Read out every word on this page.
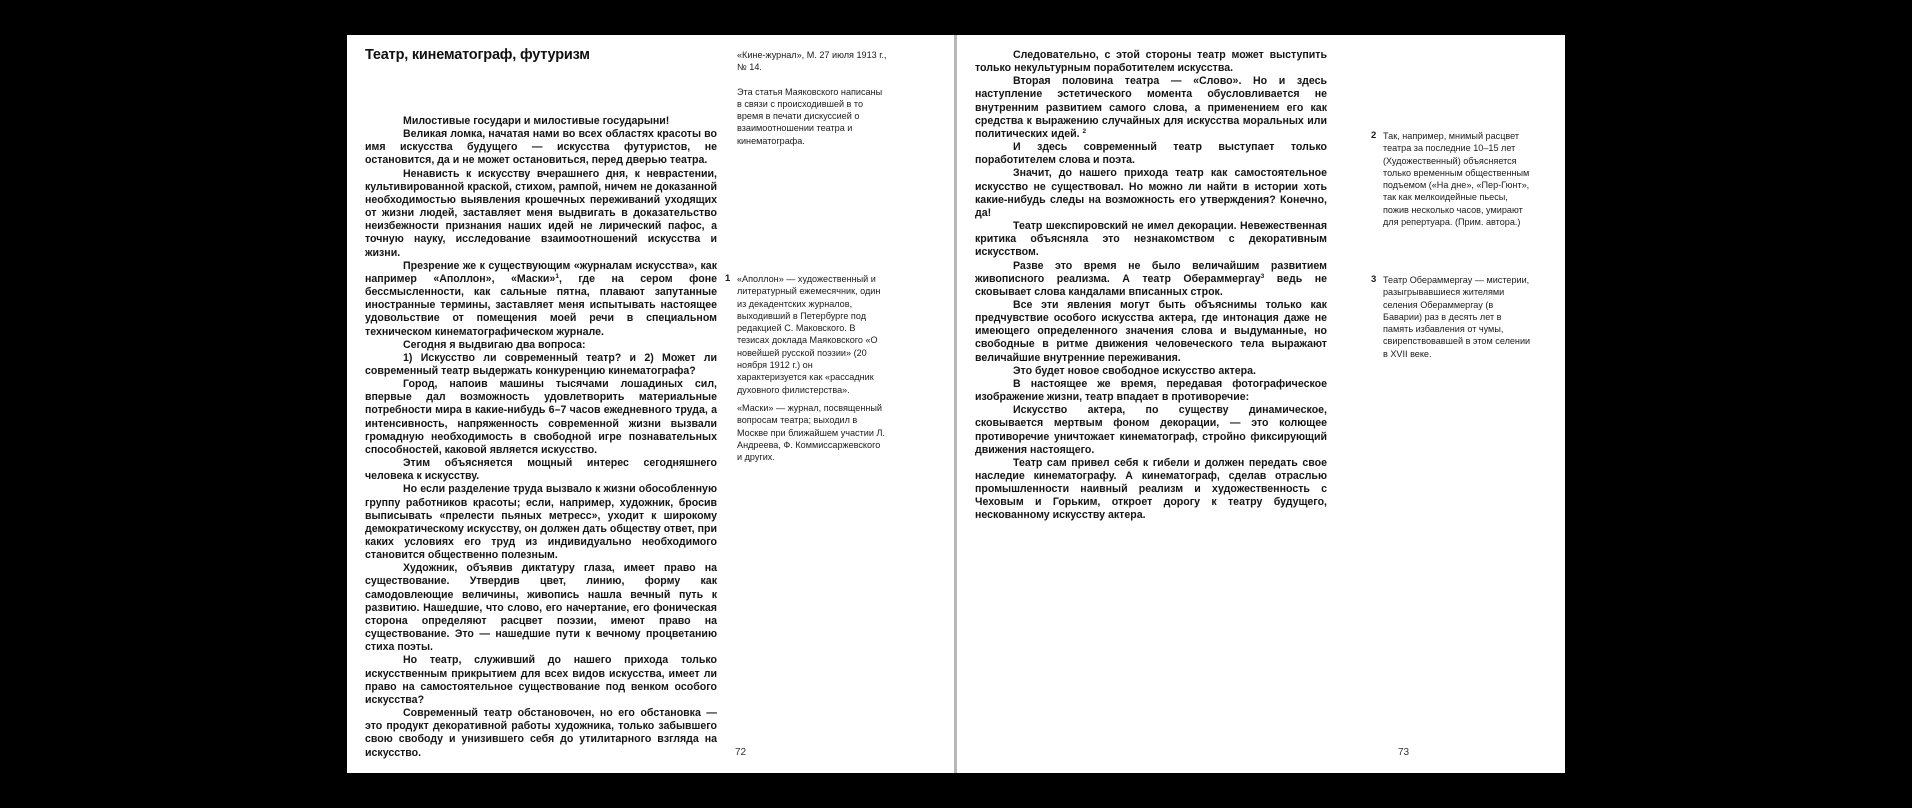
Театр, кинематограф, футуризм	«Кине-журнал», М. 27 июля 1913 г., № 14.

Эта статья Маяковского написаны в связи с происходившей в то время в печати дискуссией о взаимоотношении театра и кинематографа.

Милостивые государи и милостивые государыни!

Великая ломка, начатая нами во всех областях красоты во имя искусства будущего — искусства футуристов, не остановится, да и не может остановиться, перед дверью театра.

Ненависть к искусству вчерашнего дня, к неврастении, культивированной краской, стихом, рампой, ничем не доказанной необходимостью выявления крошечных переживаний уходящих от жизни людей, заставляет меня выдвигать в доказательство неизбежности признания наших идей не лирический пафос, а точную науку, исследование взаимоотношений искусства и жизни.

Презрение же к существующим «журналам искусства», как например «Аполлон», «Маски»$^1$, где на сером фоне бессмысленности, как сальные пятна, плавают запутанные иностранные термины, заставляет меня испытывать настоящее удовольствие от помещения моей речи в специальном техническом кинематографическом журнале.

Сегодня я выдвигаю два вопроса:

1) Искусство ли современный театр? и 2) Может ли современный театр выдержать конкуренцию кинематографа?

Город, напоив машины тысячами лошадиных сил, впервые дал возможность удовлетворить материальные потребности мира в какие-нибудь 6–7 часов ежедневного труда, а интенсивность, напряженность современной жизни вызвали громадную необходимость в свободной игре познавательных способностей, каковой является искусство.

Этим объясняется мощный интерес сегодняшнего человека к искусству.

Но если разделение труда вызвало к жизни обособленную группу работников красоты; если, например, художник, бросив выписывать «прелести пьяных метресс», уходит к широкому демократическому искусству, он должен дать обществу ответ, при каких условиях его труд из индивидуально необходимого становится общественно полезным.

Художник, объявив диктатуру глаза, имеет право на существование. Утвердив цвет, линию, форму как самодовлеющие величины, живопись нашла вечный путь к развитию. Нашедшие, что слово, его начертание, его фоническая сторона определяют расцвет поэзии, имеют право на существование. Это — нашедшие пути к вечному процветанию стиха поэты.

Но театр, служивший до нашего прихода только искусственным прикрытием для всех видов искусства, имеет ли право на самостоятельное существование под венком особого искусства?

Современный театр обстановочен, но его обстановка — это продукт декоративной работы художника, только забывшего свою свободу и унизившего себя до утилитарного взгляда на искусство.

1 «Аполлон» — художественный и литературный ежемесячник, один из декадентских журналов, выходивший в Петербурге под редакцией С. Маковского. В тезисах доклада Маяковского «О новейшей русской поэзии» (20 ноября 1912 г.) он характеризуется как «рассадник духовного филистерства».
«Маски» — журнал, посвященный вопросам театра; выходил в Москве при ближайшем участии Л. Андреева, Ф. Коммиссаржевского и других.
72

Следовательно, с этой стороны театр может выступить только некультурным поработителем искусства.

Вторая половина театра — «Слово». Но и здесь наступление эстетического момента обусловливается не внутренним развитием самого слова, а применением его как средства к выражению случайных для искусства моральных или политических идей. $^2$

И здесь современный театр выступает только поработителем слова и поэта.

Значит, до нашего прихода театр как самостоятельное искусство не существовал. Но можно ли найти в истории хоть какие-нибудь следы на возможность его утверждения? Конечно, да!

Театр шекспировский не имел декорации. Невежественная критика объясняла это незнакомством с декоративным искусством.

Разве это время не было величайшим развитием живописного реализма. А театр Обераммергау$^3$ ведь не сковывает слова кандалами вписанных строк.

Все эти явления могут быть объяснимы только как предчувствие особого искусства актера, где интонация даже не имеющего определенного значения слова и выдуманные, но свободные в ритме движения человеческого тела выражают величайшие внутренние переживания.

Это будет новое свободное искусство актера.

В настоящее же время, передавая фотографическое изображение жизни, театр впадает в противоречие:

Искусство актера, по существу динамическое, сковывается мертвым фоном декорации, — это колющее противоречие уничтожает кинематограф, стройно фиксирующий движения настоящего.

Театр сам привел себя к гибели и должен передать свое наследие кинематографу. А кинематограф, сделав отраслью промышленности наивный реализм и художественность с Чеховым и Горьким, откроет дорогу к театру будущего, нескованному искусству актера.

2 Так, например, мнимый расцвет театра за последние 10–15 лет (Художественный) объясняется только временным общественным подъемом («На дне», «Пер-Гюнт», так как мелкоидейные пьесы, пожив несколько часов, умирают для репертуара. (Прим. автора.)
3 Театр Обераммергау — мистерии, разыгрывавшиеся жителями селения Обераммергау (в Баварии) раз в десять лет в память избавления от чумы, свирепствовавшей в этом селении в XVII веке.
73
